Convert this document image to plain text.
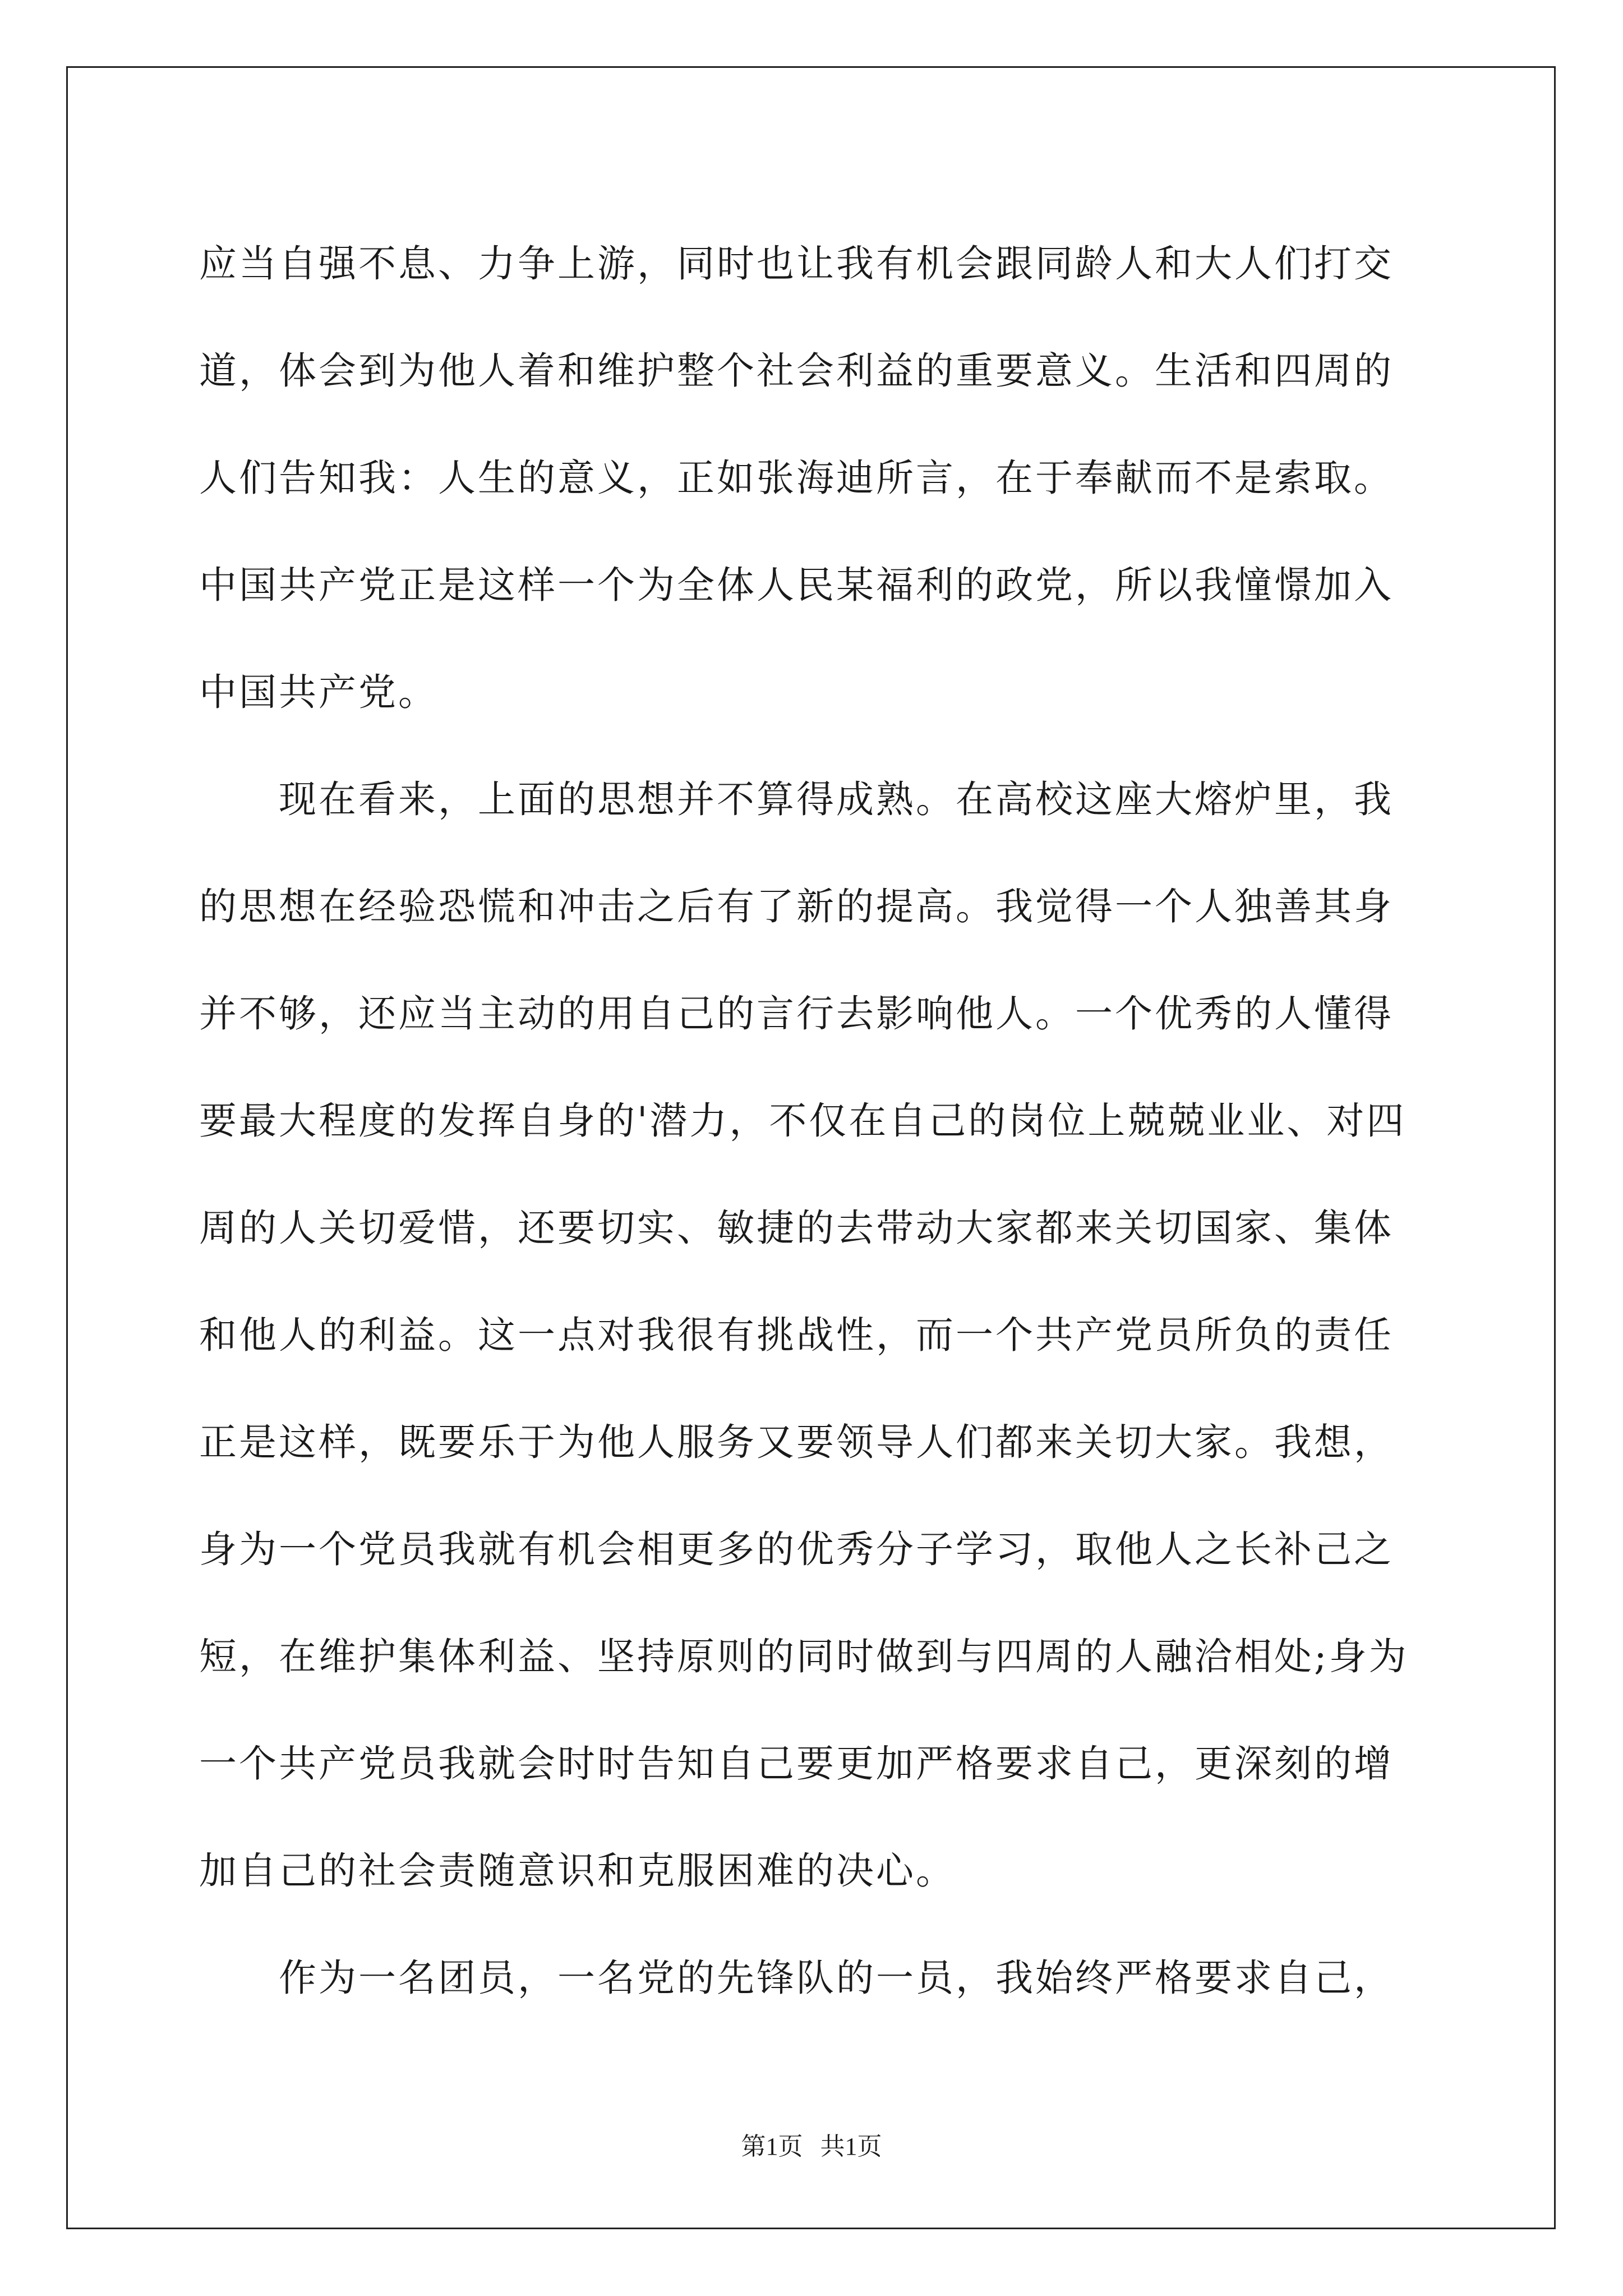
应当自强不息、力争上游，同时也让我有机会跟同龄人和大人们打交
道，体会到为他人着和维护整个社会利益的重要意义。生活和四周的
人们告知我：人生的意义，正如张海迪所言，在于奉献而不是索取。
中国共产党正是这样一个为全体人民某福利的政党，所以我憧憬加入
中国共产党。
　　现在看来，上面的思想并不算得成熟。在高校这座大熔炉里，我
的思想在经验恐慌和冲击之后有了新的提高。我觉得一个人独善其身
并不够，还应当主动的用自己的言行去影响他人。一个优秀的人懂得
要最大程度的发挥自身的'潜力，不仅在自己的岗位上兢兢业业、对四
周的人关切爱惜，还要切实、敏捷的去带动大家都来关切国家、集体
和他人的利益。这一点对我很有挑战性，而一个共产党员所负的责任
正是这样，既要乐于为他人服务又要领导人们都来关切大家。我想，
身为一个党员我就有机会相更多的优秀分子学习，取他人之长补己之
短，在维护集体利益、坚持原则的同时做到与四周的人融洽相处;身为
一个共产党员我就会时时告知自己要更加严格要求自己，更深刻的增
加自己的社会责随意识和克服困难的决心。
　　作为一名团员，一名党的先锋队的一员，我始终严格要求自己，
第1页 共1页
